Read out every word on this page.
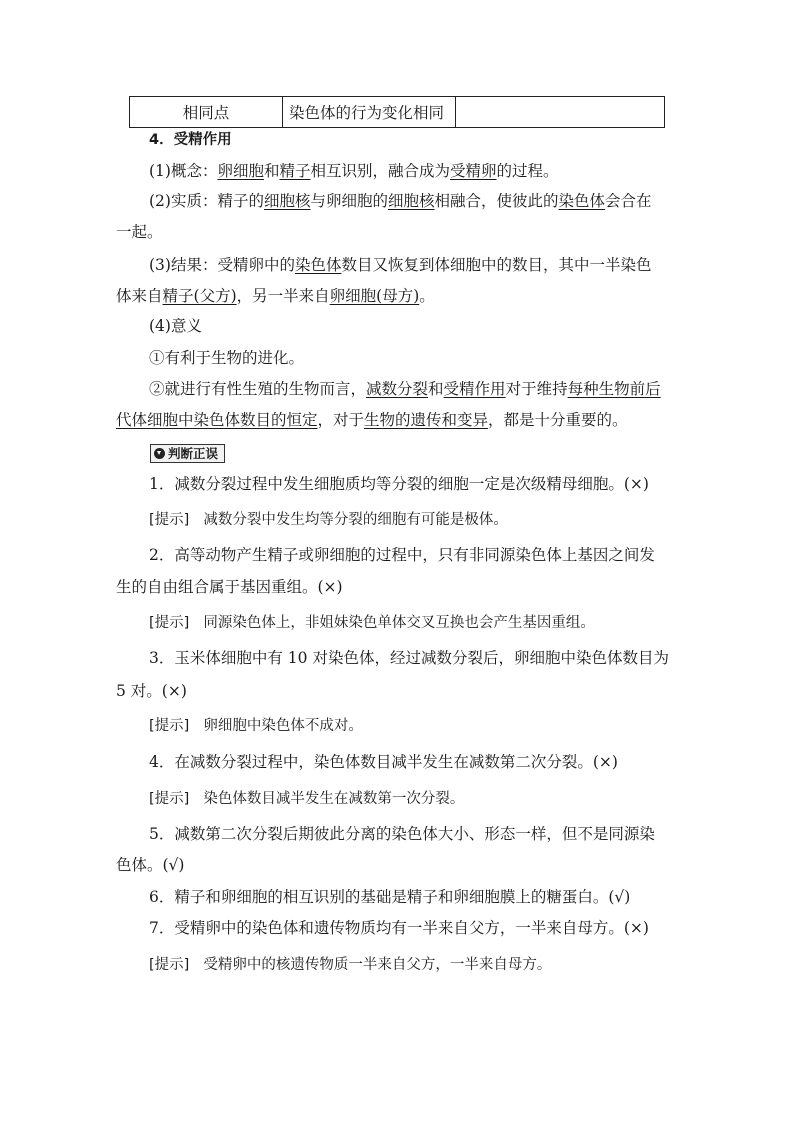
相同点	染色体的行为变化相同	
4．受精作用
(1)概念：卵细胞和精子相互识别，融合成为受精卵的过程。
(2)实质：精子的细胞核与卵细胞的细胞核相融合，使彼此的染色体会合在
一起。
(3)结果：受精卵中的染色体数目又恢复到体细胞中的数目，其中一半染色
体来自精子(父方)，另一半来自卵细胞(母方)。
(4)意义
①有利于生物的进化。
②就进行有性生殖的生物而言，减数分裂和受精作用对于维持每种生物前后
代体细胞中染色体数目的恒定，对于生物的遗传和变异，都是十分重要的。
判断正误
1．减数分裂过程中发生细胞质均等分裂的细胞一定是次级精母细胞。(×)
[提示] 减数分裂中发生均等分裂的细胞有可能是极体。
2．高等动物产生精子或卵细胞的过程中，只有非同源染色体上基因之间发
生的自由组合属于基因重组。(×)
[提示] 同源染色体上，非姐妹染色单体交叉互换也会产生基因重组。
3．玉米体细胞中有 10 对染色体，经过减数分裂后，卵细胞中染色体数目为
5 对。(×)
[提示] 卵细胞中染色体不成对。
4．在减数分裂过程中，染色体数目减半发生在减数第二次分裂。(×)
[提示] 染色体数目减半发生在减数第一次分裂。
5．减数第二次分裂后期彼此分离的染色体大小、形态一样，但不是同源染
色体。(√)
6．精子和卵细胞的相互识别的基础是精子和卵细胞膜上的糖蛋白。(√)
7．受精卵中的染色体和遗传物质均有一半来自父方，一半来自母方。(×)
[提示] 受精卵中的核遗传物质一半来自父方，一半来自母方。
